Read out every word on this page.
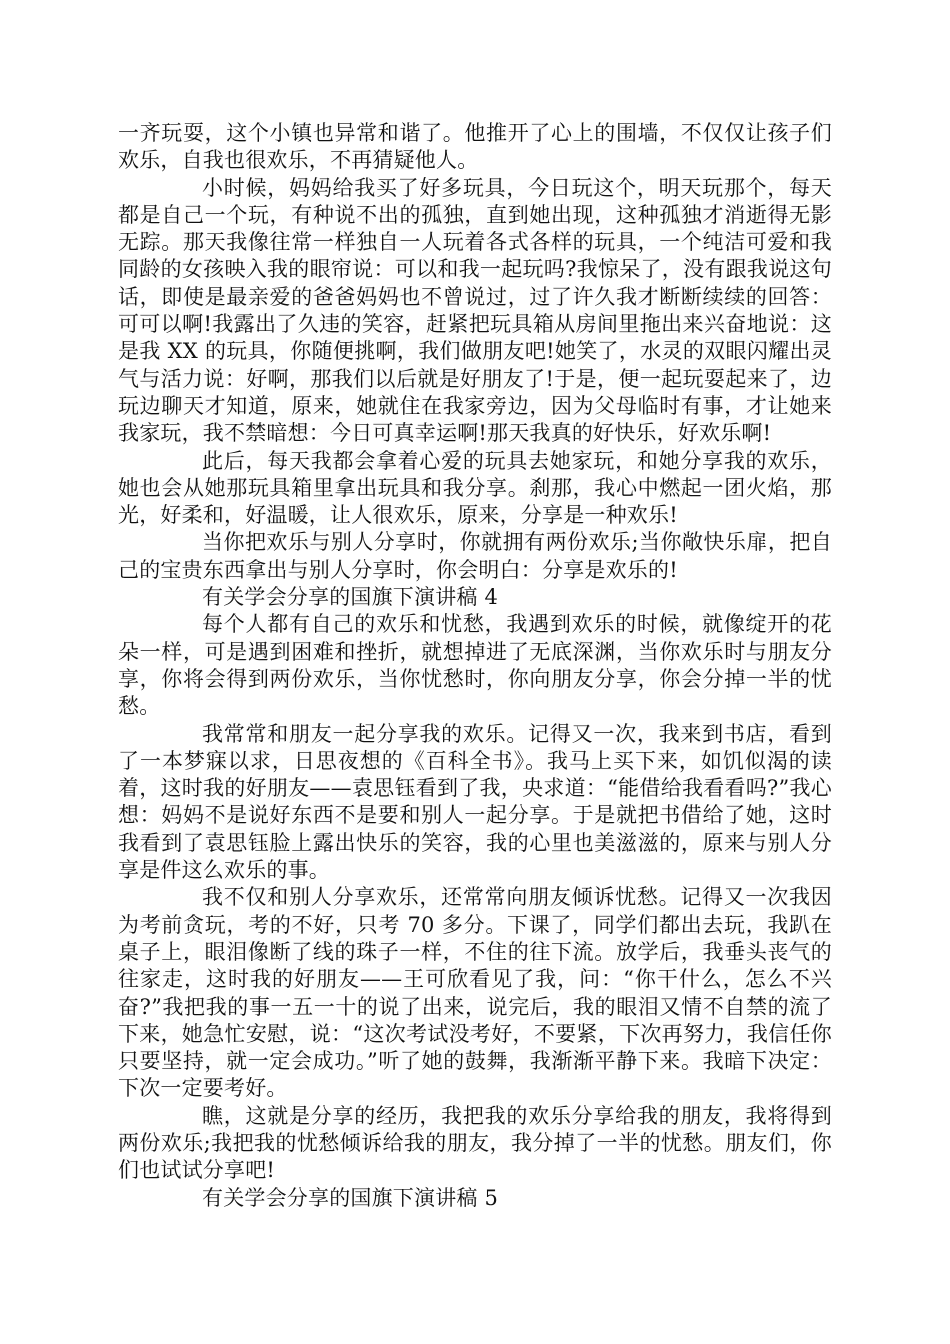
一齐玩耍，这个小镇也异常和谐了。他推开了心上的围墙，不仅仅让孩子们欢乐，自我也很欢乐，不再猜疑他人。

小时候，妈妈给我买了好多玩具，今日玩这个，明天玩那个，每天都是自己一个玩，有种说不出的孤独，直到她出现，这种孤独才消逝得无影无踪。那天我像往常一样独自一人玩着各式各样的玩具，一个纯洁可爱和我同龄的女孩映入我的眼帘说：可以和我一起玩吗?我惊呆了，没有跟我说这句话，即使是最亲爱的爸爸妈妈也不曾说过，过了许久我才断断续续的回答：可可以啊!我露出了久违的笑容，赶紧把玩具箱从房间里拖出来兴奋地说：这是我 XX 的玩具，你随便挑啊，我们做朋友吧!她笑了，水灵的双眼闪耀出灵气与活力说：好啊，那我们以后就是好朋友了!于是，便一起玩耍起来了，边玩边聊天才知道，原来，她就住在我家旁边，因为父母临时有事，才让她来我家玩，我不禁暗想：今日可真幸运啊!那天我真的好快乐，好欢乐啊!

此后，每天我都会拿着心爱的玩具去她家玩，和她分享我的欢乐，她也会从她那玩具箱里拿出玩具和我分享。刹那，我心中燃起一团火焰，那光，好柔和，好温暖，让人很欢乐，原来，分享是一种欢乐!

当你把欢乐与别人分享时，你就拥有两份欢乐;当你敞快乐扉，把自己的宝贵东西拿出与别人分享时，你会明白：分享是欢乐的!

有关学会分享的国旗下演讲稿 4

每个人都有自己的欢乐和忧愁，我遇到欢乐的时候，就像绽开的花朵一样，可是遇到困难和挫折，就想掉进了无底深渊，当你欢乐时与朋友分享，你将会得到两份欢乐，当你忧愁时，你向朋友分享，你会分掉一半的忧愁。

我常常和朋友一起分享我的欢乐。记得又一次，我来到书店，看到了一本梦寐以求，日思夜想的《百科全书》。我马上买下来，如饥似渴的读着，这时我的好朋友——袁思钰看到了我，央求道：“能借给我看看吗?”我心想：妈妈不是说好东西不是要和别人一起分享。于是就把书借给了她，这时我看到了袁思钰脸上露出快乐的笑容，我的心里也美滋滋的，原来与别人分享是件这么欢乐的事。

我不仅和别人分享欢乐，还常常向朋友倾诉忧愁。记得又一次我因为考前贪玩，考的不好，只考 70 多分。下课了，同学们都出去玩，我趴在桌子上，眼泪像断了线的珠子一样，不住的往下流。放学后，我垂头丧气的往家走，这时我的好朋友——王可欣看见了我，问：“你干什么，怎么不兴奋?”我把我的事一五一十的说了出来，说完后，我的眼泪又情不自禁的流了下来，她急忙安慰，说：“这次考试没考好，不要紧，下次再努力，我信任你只要坚持，就一定会成功。”听了她的鼓舞，我渐渐平静下来。我暗下决定：下次一定要考好。

瞧，这就是分享的经历，我把我的欢乐分享给我的朋友，我将得到两份欢乐;我把我的忧愁倾诉给我的朋友，我分掉了一半的忧愁。朋友们，你们也试试分享吧!

有关学会分享的国旗下演讲稿 5
